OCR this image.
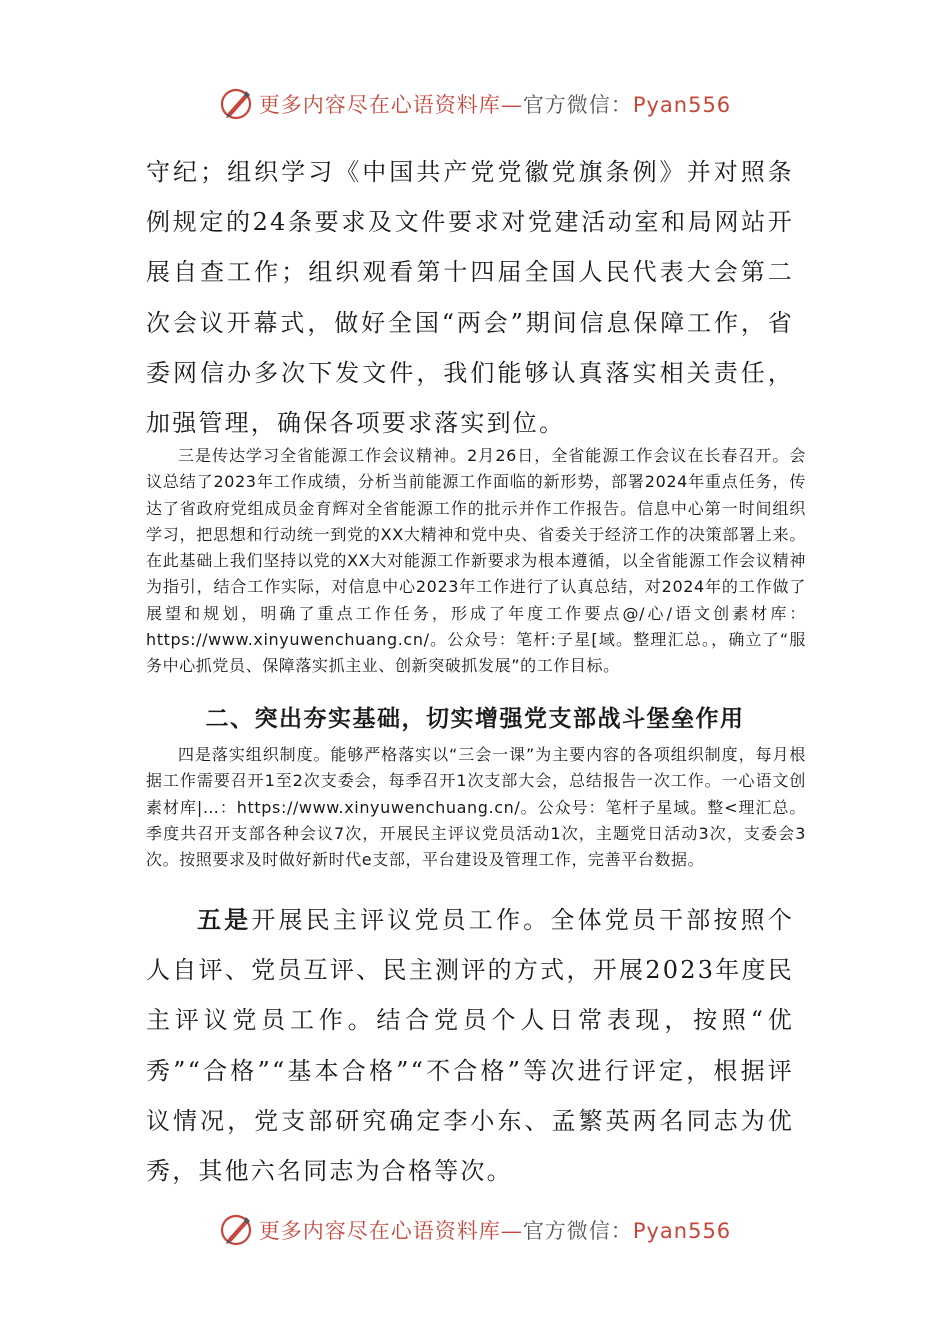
更多内容尽在心语资料库—官方微信：Pyan556

守纪；组织学习《中国共产党党徽党旗条例》并对照条例规定的24条要求及文件要求对党建活动室和局网站开展自查工作；组织观看第十四届全国人民代表大会第二次会议开幕式，做好全国“两会”期间信息保障工作，省委网信办多次下发文件，我们能够认真落实相关责任，加强管理，确保各项要求落实到位。

三是传达学习全省能源工作会议精神。2月26日，全省能源工作会议在长春召开。会议总结了2023年工作成绩，分析当前能源工作面临的新形势，部署2024年重点任务，传达了省政府党组成员金育辉对全省能源工作的批示并作工作报告。信息中心第一时间组织学习，把思想和行动统一到党的XX大精神和党中央、省委关于经济工作的决策部署上来。在此基础上我们坚持以党的XX大对能源工作新要求为根本遵循，以全省能源工作会议精神为指引，结合工作实际，对信息中心2023年工作进行了认真总结，对2024年的工作做了展望和规划，明确了重点工作任务，形成了年度工作要点@/心/语文创素材库：https://www.xinyuwenchuang.cn/。公众号：笔杆:子星[域。整理汇总。，确立了“服务中心抓党员、保障落实抓主业、创新突破抓发展”的工作目标。

二、突出夯实基础，切实增强党支部战斗堡垒作用

四是落实组织制度。能够严格落实以“三会一课”为主要内容的各项组织制度，每月根据工作需要召开1至2次支委会，每季召开1次支部大会，总结报告一次工作。一心语文创素材库|…：https://www.xinyuwenchuang.cn/。公众号：笔杆子星域。整<理汇总。季度共召开支部各种会议7次，开展民主评议党员活动1次，主题党日活动3次，支委会3次。按照要求及时做好新时代e支部，平台建设及管理工作，完善平台数据。

五是开展民主评议党员工作。全体党员干部按照个人自评、党员互评、民主测评的方式，开展2023年度民主评议党员工作。结合党员个人日常表现，按照“优秀”“合格”“基本合格”“不合格”等次进行评定，根据评议情况，党支部研究确定李小东、孟繁英两名同志为优秀，其他六名同志为合格等次。

更多内容尽在心语资料库—官方微信：Pyan556
